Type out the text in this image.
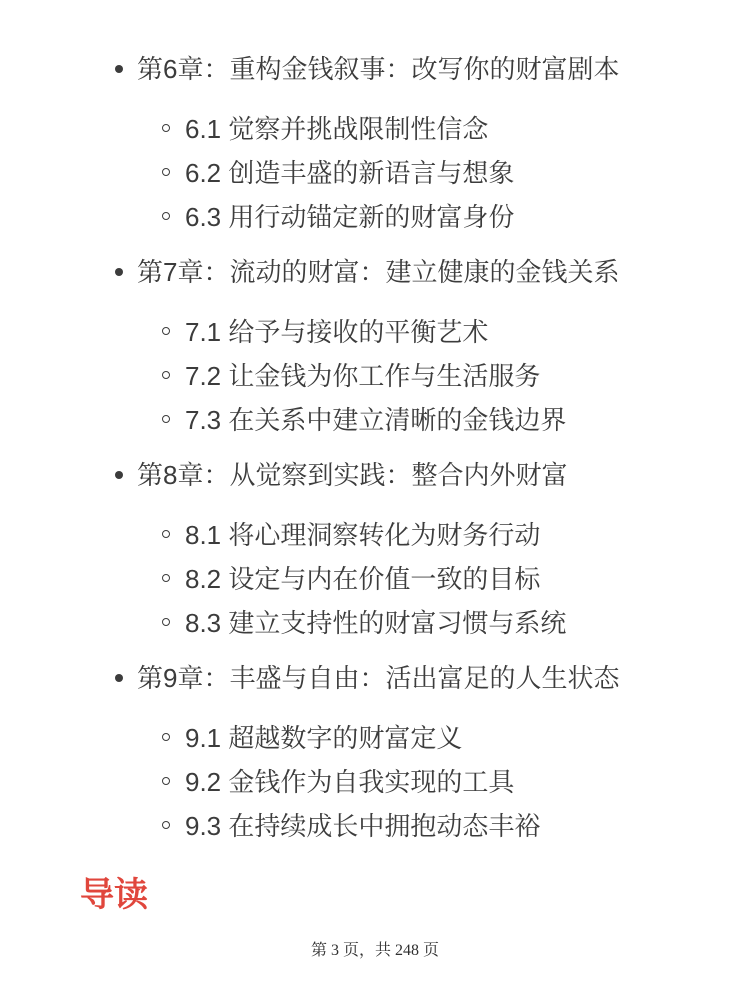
第6章：重构金钱叙事：改写你的财富剧本
6.1 觉察并挑战限制性信念
6.2 创造丰盛的新语言与想象
6.3 用行动锚定新的财富身份
第7章：流动的财富：建立健康的金钱关系
7.1 给予与接收的平衡艺术
7.2 让金钱为你工作与生活服务
7.3 在关系中建立清晰的金钱边界
第8章：从觉察到实践：整合内外财富
8.1 将心理洞察转化为财务行动
8.2 设定与内在价值一致的目标
8.3 建立支持性的财富习惯与系统
第9章：丰盛与自由：活出富足的人生状态
9.1 超越数字的财富定义
9.2 金钱作为自我实现的工具
9.3 在持续成长中拥抱动态丰裕
导读
第 3 页，共 248 页
